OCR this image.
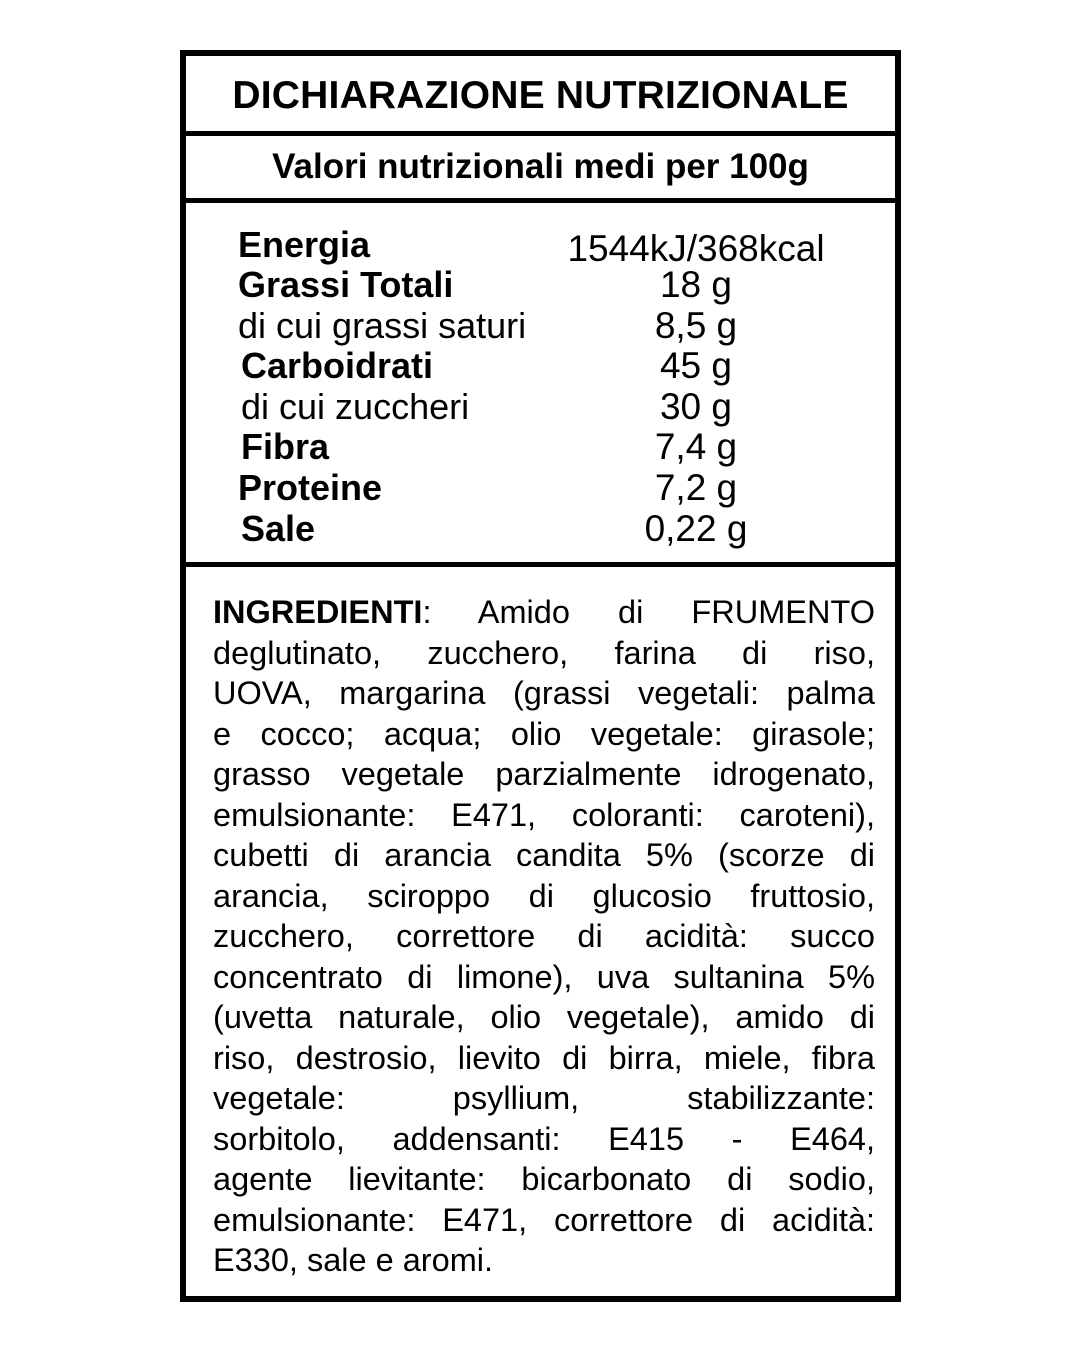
DICHIARAZIONE NUTRIZIONALE
Valori nutrizionali medi per 100g
Energia	1544kJ/368kcal
Grassi Totali	18 g
di cui grassi saturi	8,5 g
Carboidrati	45 g
di cui zuccheri	30 g
Fibra	7,4 g
Proteine	7,2 g
Sale	0,22 g
INGREDIENTI: Amido di FRUMENTO
deglutinato, zucchero, farina di riso,
UOVA, margarina (grassi vegetali: palma
e cocco; acqua; olio vegetale: girasole;
grasso vegetale parzialmente idrogenato,
emulsionante: E471, coloranti: caroteni),
cubetti di arancia candita 5% (scorze di
arancia, sciroppo di glucosio fruttosio,
zucchero, correttore di acidità: succo
concentrato di limone), uva sultanina 5%
(uvetta naturale, olio vegetale), amido di
riso, destrosio, lievito di birra, miele, fibra
vegetale: psyllium, stabilizzante:
sorbitolo, addensanti: E415 - E464,
agente lievitante: bicarbonato di sodio,
emulsionante: E471, correttore di acidità:
E330, sale e aromi.
